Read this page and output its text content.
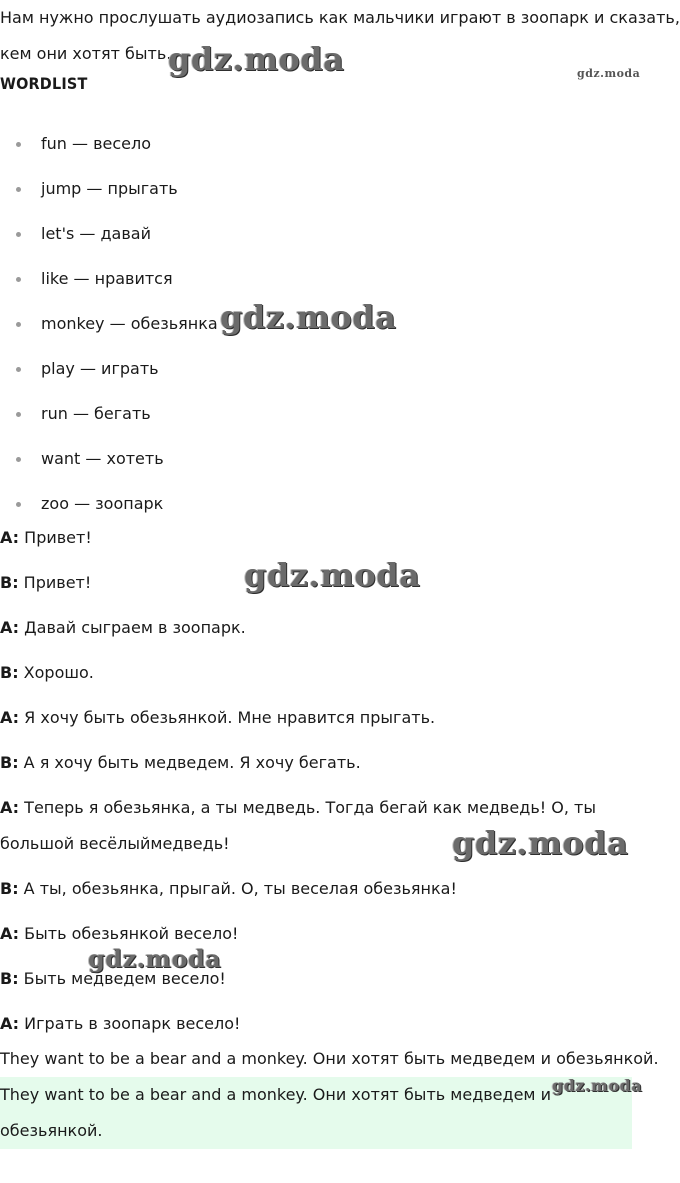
Нам нужно прослушать аудиозапись как мальчики играют в зоопарк и сказать, кем они хотят быть.

WORDLIST
fun — весело
jump — прыгать
let's — давай
like — нравится
monkey — обезьянка
play — играть
run — бегать
want — хотеть
zoo — зоопарк

A: Привет!

B: Привет!

A: Давай сыграем в зоопарк.

B: Хорошо.

A: Я хочу быть обезьянкой. Мне нравится прыгать.

B: А я хочу быть медведем. Я хочу бегать.

A: Теперь я обезьянка, а ты медведь. Тогда бегай как медведь! О, ты большой весёлыймедведь!

B: А ты, обезьянка, прыгай. О, ты веселая обезьянка!

A: Быть обезьянкой весело!

B: Быть медведем весело!

A: Играть в зоопарк весело!

They want to be a bear and a monkey. Они хотят быть медведем и обезьянкой.

They want to be a bear and a monkey. Они хотят быть медведем и обезьянкой.

gdz.moda	gdz.moda
gdz.moda
gdz.moda
gdz.moda
gdz.moda
gdz.moda
